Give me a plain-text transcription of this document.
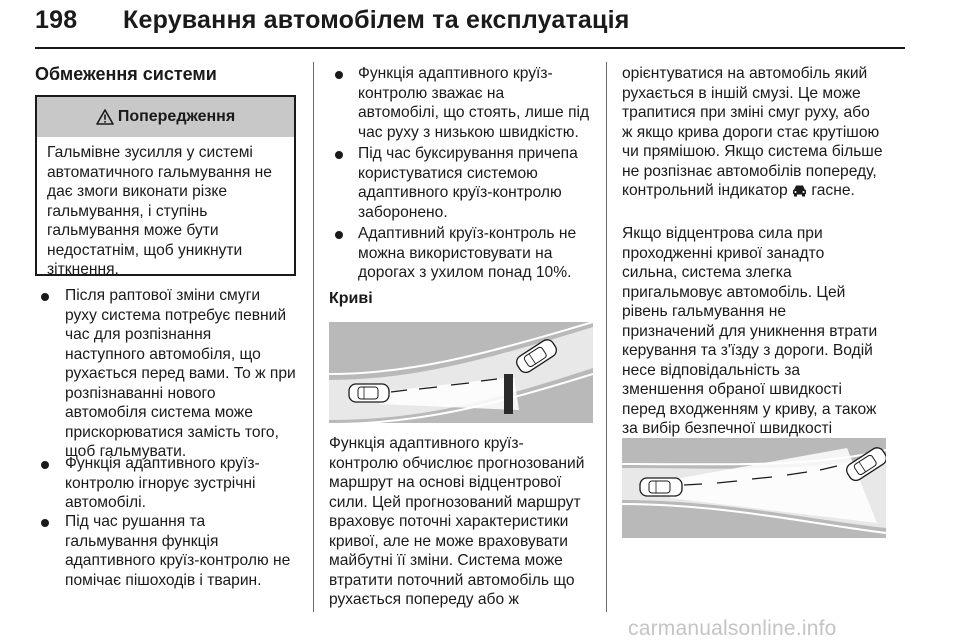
198 Керування автомобілем та експлуатація
Обмеження системи
Попередження
Гальмівне зусилля у системі
автоматичного гальмування не
дає змоги виконати різке
гальмування, і ступінь
гальмування може бути
недостатнім, щоб уникнути
зіткнення.
Після раптової зміни смуги
руху система потребує певний
час для розпізнання
наступного автомобіля, що
рухається перед вами. То ж при
розпізнаванні нового
автомобіля система може
прискорюватися замість того,
щоб гальмувати.
Функція адаптивного круїз-
контролю ігнорує зустрічні
автомобілі.
Під час рушання та
гальмування функція
адаптивного круїз-контролю не
помічає пішоходів і тварин.
Функція адаптивного круїз-
контролю зважає на
автомобілі, що стоять, лише під
час руху з низькою швидкістю.
Під час буксирування причепа
користуватися системою
адаптивного круїз-контролю
заборонено.
Адаптивний круїз-контроль не
можна використовувати на
дорогах з ухилом понад 10%.
Криві
Функція адаптивного круїз-
контролю обчислює прогнозований
маршрут на основі відцентрової
сили. Цей прогнозований маршрут
враховує поточні характеристики
кривої, але не може враховувати
майбутні її зміни. Система може
втратити поточний автомобіль що
рухається попереду або ж
орієнтуватися на автомобіль який
рухається в іншій смузі. Це може
трапитися при зміні смуг руху, або
ж якщо крива дороги стає крутішою
чи прямішою. Якщо система більше
не розпізнає автомобілів попереду,
контрольний індикатор гасне.
Якщо відцентрова сила при
проходженні кривої занадто
сильна, система злегка
пригальмовує автомобіль. Цей
рівень гальмування не
призначений для уникнення втрати
керування та з'їзду з дороги. Водій
несе відповідальність за
зменшення обраної швидкості
перед входженням у криву, а також
за вибір безпечної швидкості

carmanualsonline.info
